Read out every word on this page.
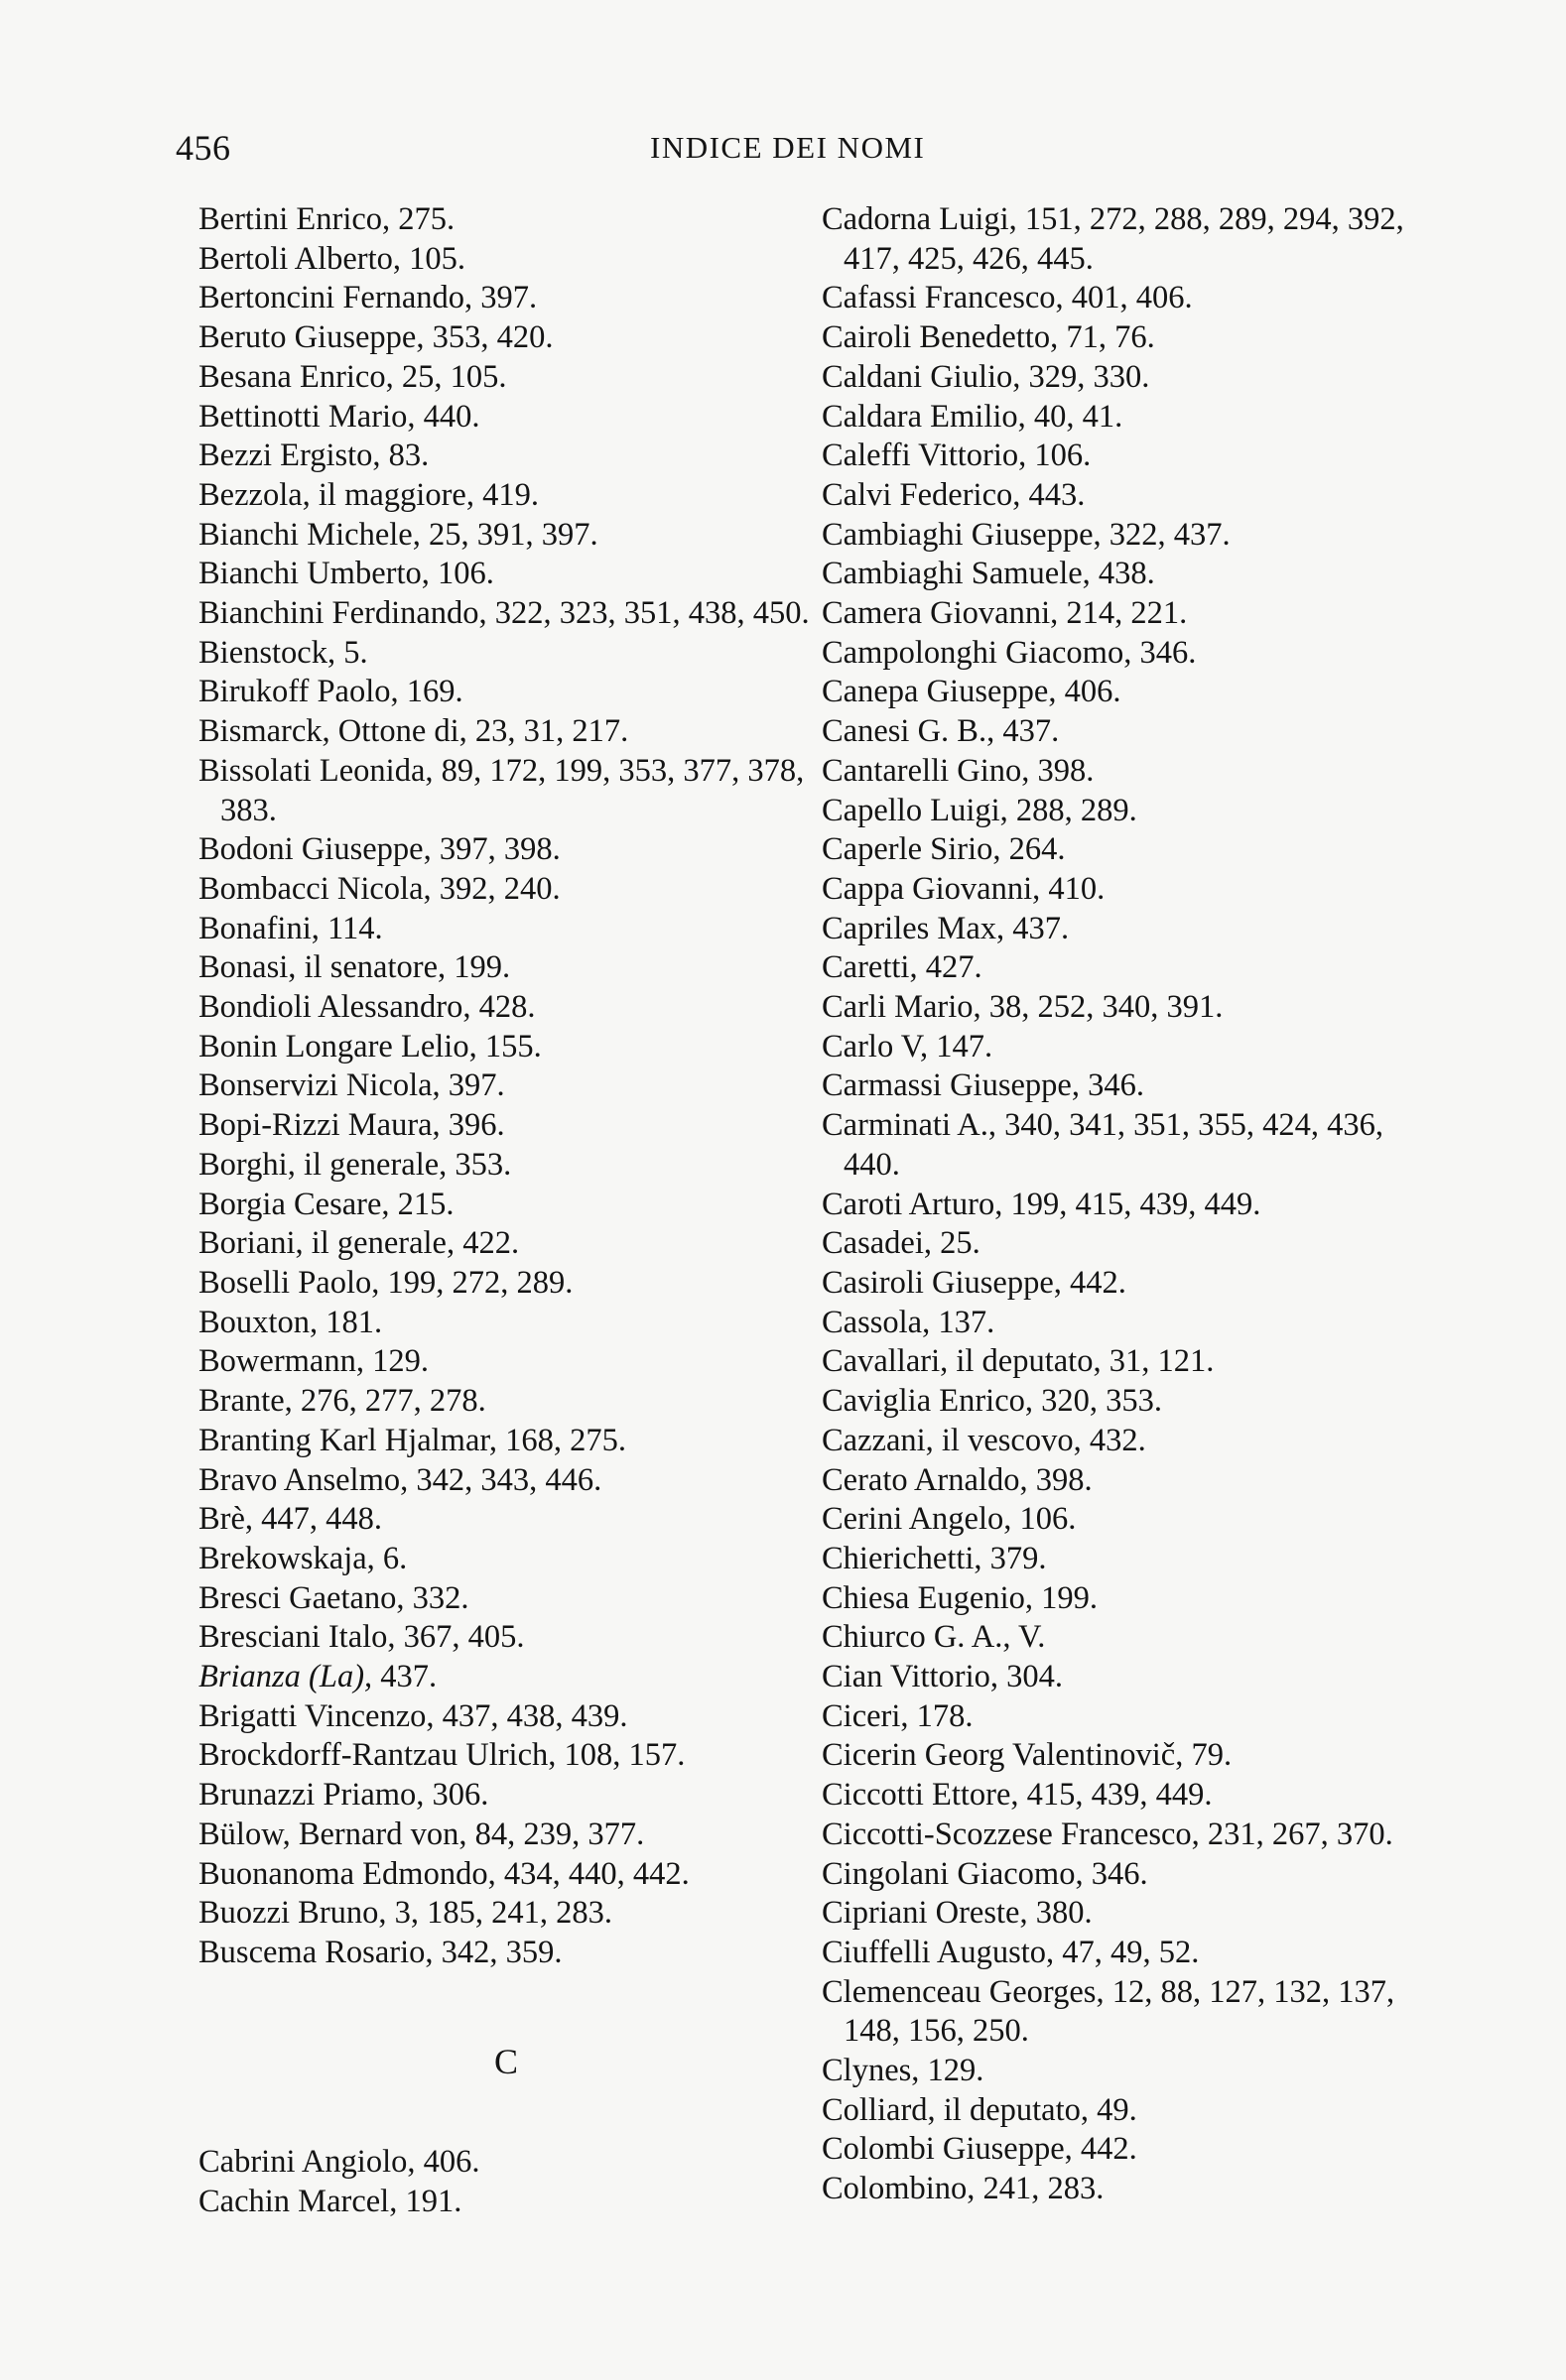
456	INDICE DEI NOMI
Bertini Enrico, 275.
Bertoli Alberto, 105.
Bertoncini Fernando, 397.
Beruto Giuseppe, 353, 420.
Besana Enrico, 25, 105.
Bettinotti Mario, 440.
Bezzi Ergisto, 83.
Bezzola, il maggiore, 419.
Bianchi Michele, 25, 391, 397.
Bianchi Umberto, 106.
Bianchini Ferdinando, 322, 323, 351, 438, 450.
Bienstock, 5.
Birukoff Paolo, 169.
Bismarck, Ottone di, 23, 31, 217.
Bissolati Leonida, 89, 172, 199, 353, 377, 378, 383.
Bodoni Giuseppe, 397, 398.
Bombacci Nicola, 392, 240.
Bonafini, 114.
Bonasi, il senatore, 199.
Bondioli Alessandro, 428.
Bonin Longare Lelio, 155.
Bonservizi Nicola, 397.
Bopi-Rizzi Maura, 396.
Borghi, il generale, 353.
Borgia Cesare, 215.
Boriani, il generale, 422.
Boselli Paolo, 199, 272, 289.
Bouxton, 181.
Bowermann, 129.
Brante, 276, 277, 278.
Branting Karl Hjalmar, 168, 275.
Bravo Anselmo, 342, 343, 446.
Brè, 447, 448.
Brekowskaja, 6.
Bresci Gaetano, 332.
Bresciani Italo, 367, 405.
Brianza (La), 437.
Brigatti Vincenzo, 437, 438, 439.
Brockdorff-Rantzau Ulrich, 108, 157.
Brunazzi Priamo, 306.
Bülow, Bernard von, 84, 239, 377.
Buonanoma Edmondo, 434, 440, 442.
Buozzi Bruno, 3, 185, 241, 283.
Buscema Rosario, 342, 359.
C
Cabrini Angiolo, 406.
Cachin Marcel, 191.
Cadorna Luigi, 151, 272, 288, 289, 294, 392, 417, 425, 426, 445.
Cafassi Francesco, 401, 406.
Cairoli Benedetto, 71, 76.
Caldani Giulio, 329, 330.
Caldara Emilio, 40, 41.
Caleffi Vittorio, 106.
Calvi Federico, 443.
Cambiaghi Giuseppe, 322, 437.
Cambiaghi Samuele, 438.
Camera Giovanni, 214, 221.
Campolonghi Giacomo, 346.
Canepa Giuseppe, 406.
Canesi G. B., 437.
Cantarelli Gino, 398.
Capello Luigi, 288, 289.
Caperle Sirio, 264.
Cappa Giovanni, 410.
Capriles Max, 437.
Caretti, 427.
Carli Mario, 38, 252, 340, 391.
Carlo V, 147.
Carmassi Giuseppe, 346.
Carminati A., 340, 341, 351, 355, 424, 436, 440.
Caroti Arturo, 199, 415, 439, 449.
Casadei, 25.
Casiroli Giuseppe, 442.
Cassola, 137.
Cavallari, il deputato, 31, 121.
Caviglia Enrico, 320, 353.
Cazzani, il vescovo, 432.
Cerato Arnaldo, 398.
Cerini Angelo, 106.
Chierichetti, 379.
Chiesa Eugenio, 199.
Chiurco G. A., V.
Cian Vittorio, 304.
Ciceri, 178.
Cicerin Georg Valentinovič, 79.
Ciccotti Ettore, 415, 439, 449.
Ciccotti-Scozzese Francesco, 231, 267, 370.
Cingolani Giacomo, 346.
Cipriani Oreste, 380.
Ciuffelli Augusto, 47, 49, 52.
Clemenceau Georges, 12, 88, 127, 132, 137, 148, 156, 250.
Clynes, 129.
Colliard, il deputato, 49.
Colombi Giuseppe, 442.
Colombino, 241, 283.
